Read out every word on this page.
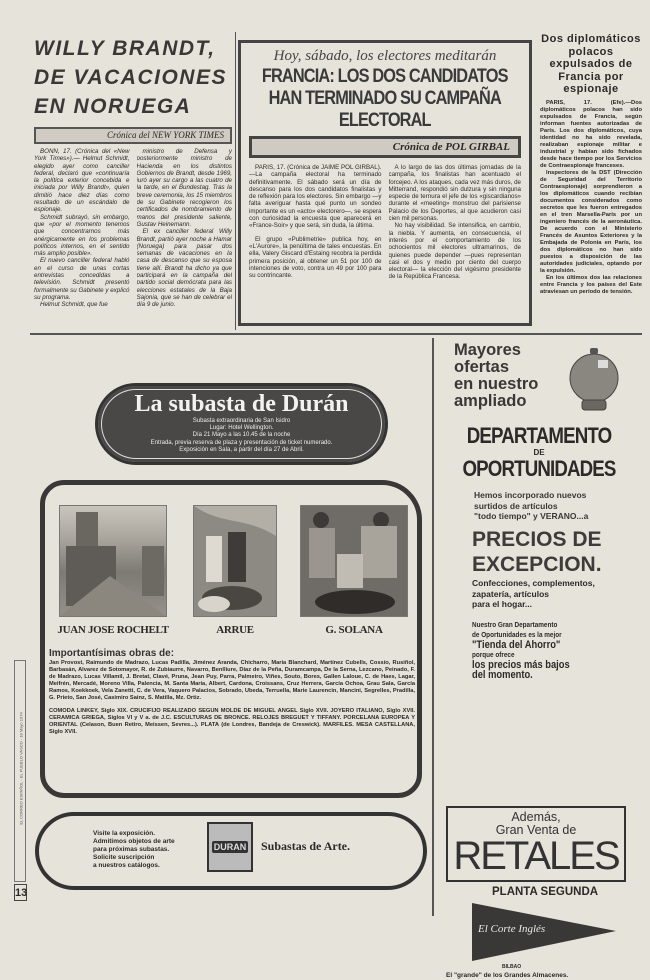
WILLY BRANDT, DE VACACIONES EN NORUEGA
Crónica del NEW YORK TIMES

BONN, 17. (Crónica del «New York Times»).— Helmut Schmidt, elegido ayer como canciller federal, declaró que «continuaría la política exterior concebida e iniciada por Willy Brandt», quien dimitió hace diez días como resultado de un escándalo de espionaje.

Schmidt subrayó, sin embargo, que «por el momento tenemos que concentrarnos más enérgicamente en los problemas políticos internos, en el sentido más amplio posible».

El nuevo canciller federal habló en el curso de unas cortas entrevistas concedidas a televisión. Schmidt presentó formalmente su Gabinete y explicó su programa.

Helmut Schmidt, que fue

ministro de Defensa y posteriormente ministro de Hacienda en los distintos Gobiernos de Brandt, desde 1969, juró ayer su cargo a las cuatro de la tarde, en el Bundestag. Tras la breve ceremonia, los 15 miembros de su Gabinete recogieron los certificados de nombramiento de manos del presidente saliente, Gustav Heinemann.

El ex canciller federal Willy Brandt, partió ayer noche a Hamar (Noruega) para pasar dos semanas de vacaciones en la casa de descanso que su esposa tiene allí. Brandt ha dicho ya que participará en la campaña del partido social demócrata para las elecciones estatales de la Baja Sajonia, que se han de celebrar el día 9 de junio.

Hoy, sábado, los electores meditarán
FRANCIA: LOS DOS CANDIDATOS HAN TERMINADO SU CAMPAÑA ELECTORAL
Crónica de POL GIRBAL

PARIS, 17. (Crónica de JAIME POL GIRBAL).—La campaña electoral ha terminado definitivamente. El sábado será un día de descanso para los dos candidatos finalistas y de reflexión para los electores. Sin embargo —y falta averiguar hasta qué punto un sondeo importante es un «acto» electorero—, se espera con curiosidad la encuesta que aparecerá en «France-Soir» y que será, sin duda, la última.

El grupo «Publimetrie» publica hoy, en «L'Aurore», la penúltima de tales encuestas. En ella, Valery Giscard d'Estaing recobra la perdida primera posición, al obtener un 51 por 100 de intenciones de voto, contra un 49 por 100 para su contrincante.

A lo largo de las dos últimas jornadas de la campaña, los finalistas han acentuado el forcejeo. A los ataques, cada vez más duros, de Mitterrand, respondió sin dulzura y sin ninguna especie de ternura el jefe de los «giscardianos» durante el «meeting» monstruo del parisiense Palacio de los Deportes, al que acudieron casi cien mil personas.

No hay visibilidad. Se intensifica, en cambio, la niebla. Y aumenta, en consecuencia, el interés por el comportamiento de los ochocientos mil electores ultramarinos, de quienes puede depender —pues representan casi el dos y medio por ciento del cuerpo electoral— la elección del vigésimo presidente de la República Francesa.

Dos diplomáticos polacos expulsados de Francia por espionaje

PARIS, 17. (Efe).—Dos diplomáticos polacos han sido expulsados de Francia, según informan fuentes autorizadas de París. Los dos diplomáticos, cuya identidad no ha sido revelada, realizaban espionaje militar e industrial y habían sido fichados desde hace tiempo por los Servicios de Contraespionaje franceses.

Inspectores de la DST (Dirección de Seguridad del Territorio Contraespionaje) sorprendieron a los diplomáticos cuando recibían documentos considerados como secretos que les fueron entregados en el tren Marsella-París por un ingeniero francés de la aeronáutica. De acuerdo con el Ministerio Francés de Asuntos Exteriores y la Embajada de Polonia en París, los dos diplomáticos no han sido puestos a disposición de las autoridades judiciales, optando por la expulsión.

En los últimos dos las relaciones entre Francia y los países del Este atraviesan un período de tensión.

La subasta de Durán
Subasta extraordinaria de San Isidro
Lugar: Hotel Wellington.
Día 21 Mayo a las 10.45 de la noche
Entrada, previa reserva de plaza y presentación de ticket numerado.
Exposición en Sala, a partir del día 27 de Abril.
JUAN JOSE ROCHELT	ARRUE	G. SOLANA
Importantísimas obras de:
Jan Provost, Raimundo de Madrazo, Lucas Padilla, Jiménez Aranda, Chicharro, María Blanchard, Martínez Cubells, Cossío, Rusiñol, Barbasán, Alvarez de Sotomayor, R. de Zubiaurre, Navarro, Benlliure, Díaz de la Peña, Duramcampa, De la Serna, Lezcano, Peinado, F. de Madrazo, Lucas Villamil, J. Bretat, Clavé, Pruna, Jean Puy, Parra, Palmeiro, Viñes, Souto, Bores, Gallen Laloue, C. de Haes, Lagar, Meifrén, Mercadé, Moreno Villa, Palencia, M. Santa María, Albert, Cardona, Croissans, Cruz Herrera, García Ochoa, Grau Sala, García Ramos, Koekkoek, Vela Zanetti, C. de Vera, Vaquero Palacios, Sobrado, Ubeda, Terruella, Marie Laurencin, Mancini, Segrelles, Pradilla, G. Prieto, San José, Casimiro Sainz, S. Matilla, Mz. Ortiz.
COMODA LINKEY, Siglo XIX. CRUCIFIJO REALIZADO SEGUN MOLDE DE MIGUEL ANGEL Siglo XVII. JOYERO ITALIANO, Siglo XVII. CERAMICA GRIEGA, Siglos VI y V a. de J.C. ESCULTURAS DE BRONCE. RELOJES BREGUET Y TIFFANY. PORCELANA EUROPEA Y ORIENTAL (Celason, Buen Retiro, Meissen, Sevres...). PLATA (de Londres, Bandeja de Creswick). MARFILES. MESA CASTELLANA, Siglo XVII.
Visite la exposición.
Admitimos objetos de arte
para próximas subastas.
Solicite suscripción
a nuestros catálogos.
DURAN Subastas de Arte.
Mayores
ofertas
en nuestro
ampliado
DEPARTAMENTO
DE
OPORTUNIDADES
Hemos incorporado nuevos
surtidos de artículos
"todo tiempo" y VERANO...a
PRECIOS DE
EXCEPCION.
Confecciones, complementos,
zapatería, artículos
para el hogar...
Nuestro Gran Departamento
de Oportunidades es la mejor
"Tienda del Ahorro"
porque ofrece
los precios más bajos
del momento.
Además,
Gran Venta de
RETALES
PLANTA SEGUNDA
El Corte Inglés
BILBAO
El "grande" de los Grandes Almacenes.
EL CORREO ESPAÑOL - EL PUEBLO VASCO - 18 Mayo 1974
13
